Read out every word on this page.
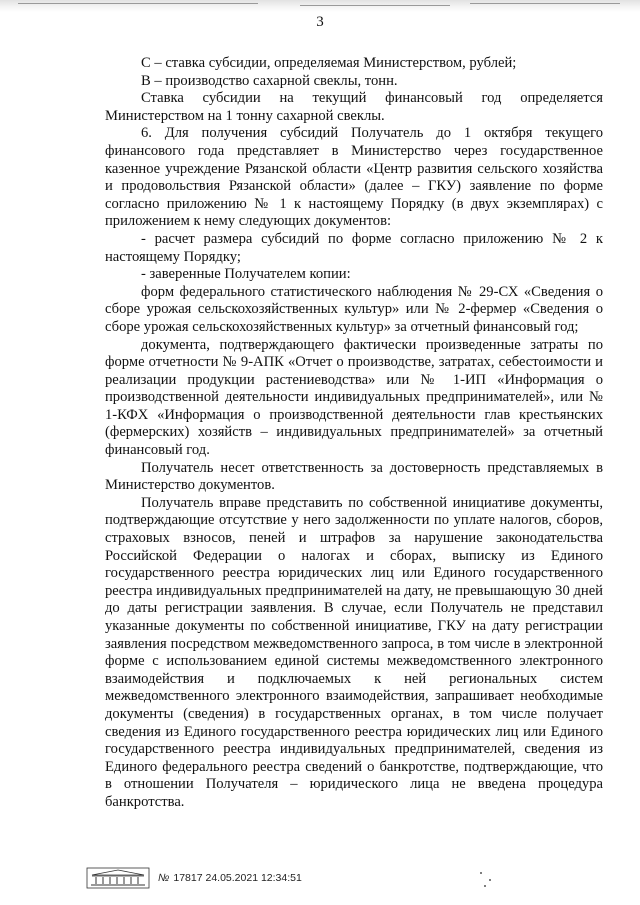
3

С – ставка субсидии, определяемая Министерством, рублей;

В – производство сахарной свеклы, тонн.

Ставка субсидии на текущий финансовый год определяется Министерством на 1 тонну сахарной свеклы.

6. Для получения субсидий Получатель до 1 октября текущего финансового года представляет в Министерство через государственное казенное учреждение Рязанской области «Центр развития сельского хозяйства и продовольствия Рязанской области» (далее – ГКУ) заявление по форме согласно приложению № 1 к настоящему Порядку (в двух экземплярах) с приложением к нему следующих документов:

- расчет размера субсидий по форме согласно приложению № 2 к настоящему Порядку;

- заверенные Получателем копии:

форм федерального статистического наблюдения № 29-СХ «Сведения о сборе урожая сельскохозяйственных культур» или № 2-фермер «Сведения о сборе урожая сельскохозяйственных культур» за отчетный финансовый год;

документа, подтверждающего фактически произведенные затраты по форме отчетности № 9-АПК «Отчет о производстве, затратах, себестоимости и реализации продукции растениеводства» или № 1-ИП «Информация о производственной деятельности индивидуальных предпринимателей», или № 1-КФХ «Информация о производственной деятельности глав крестьянских (фермерских) хозяйств – индивидуальных предпринимателей» за отчетный финансовый год.

Получатель несет ответственность за достоверность представляемых в Министерство документов.

Получатель вправе представить по собственной инициативе документы, подтверждающие отсутствие у него задолженности по уплате налогов, сборов, страховых взносов, пеней и штрафов за нарушение законодательства Российской Федерации о налогах и сборах, выписку из Единого государственного реестра юридических лиц или Единого государственного реестра индивидуальных предпринимателей на дату, не превышающую 30 дней до даты регистрации заявления. В случае, если Получатель не представил указанные документы по собственной инициативе, ГКУ на дату регистрации заявления посредством межведомственного запроса, в том числе в электронной форме с использованием единой системы межведомственного электронного взаимодействия и подключаемых к ней региональных систем межведомственного электронного взаимодействия, запрашивает необходимые документы (сведения) в государственных органах, в том числе получает сведения из Единого государственного реестра юридических лиц или Единого государственного реестра индивидуальных предпринимателей, сведения из Единого федерального реестра сведений о банкротстве, подтверждающие, что в отношении Получателя – юридического лица не введена процедура банкротства.

№ 17817 24.05.2021 12:34:51
